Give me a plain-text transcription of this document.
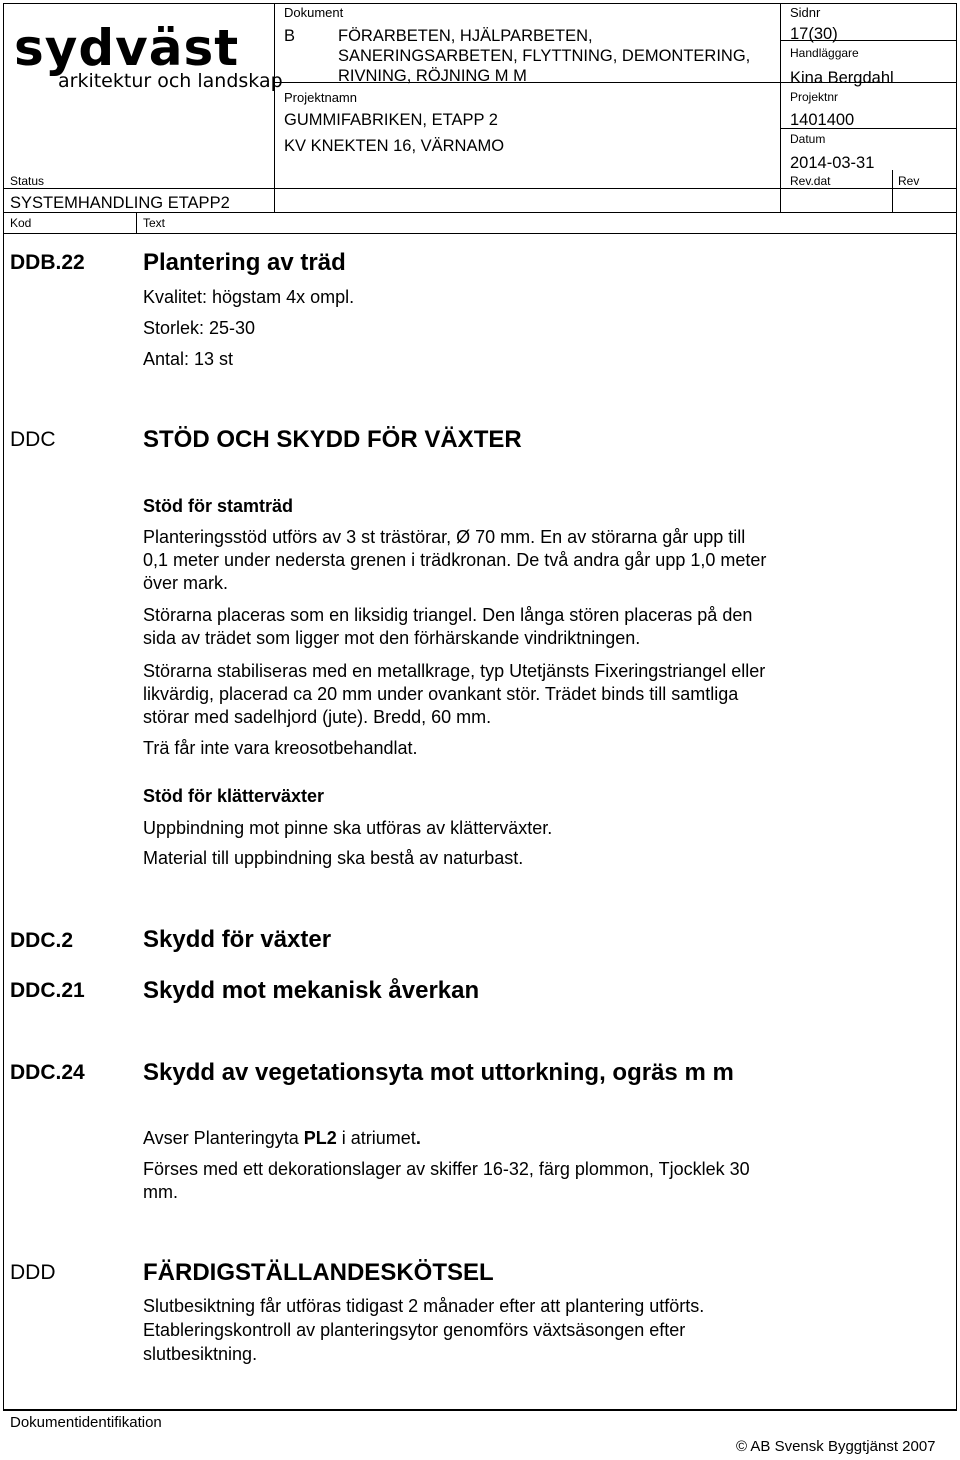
sydväst
arkitektur och landskap
Dokument
B	FÖRARBETEN, HJÄLPARBETEN,
SANERINGSARBETEN, FLYTTNING, DEMONTERING,
RIVNING, RÖJNING M M
Projektnamn
GUMMIFABRIKEN, ETAPP 2
KV KNEKTEN 16, VÄRNAMO
Sidnr
17(30)
Handläggare
Kina Bergdahl
Projektnr
1401400
Datum
2014-03-31
Rev.dat	Rev
Status
SYSTEMHANDLING ETAPP2
Kod	Text
DDB.22 Plantering av träd
Kvalitet: högstam 4x ompl.
Storlek: 25-30
Antal: 13 st
DDC	STÖD OCH SKYDD FÖR VÄXTER
Stöd för stamträd
Planteringsstöd utförs av 3 st trästörar, Ø 70 mm. En av störarna går upp till
0,1 meter under nedersta grenen i trädkronan. De två andra går upp 1,0 meter
över mark.
Störarna placeras som en liksidig triangel. Den långa stören placeras på den
sida av trädet som ligger mot den förhärskande vindriktningen.
Störarna stabiliseras med en metallkrage, typ Utetjänsts Fixeringstriangel eller
likvärdig, placerad ca 20 mm under ovankant stör. Trädet binds till samtliga
störar med sadelhjord (jute). Bredd, 60 mm.
Trä får inte vara kreosotbehandlat.
Stöd för klätterväxter
Uppbindning mot pinne ska utföras av klätterväxter.
Material till uppbindning ska bestå av naturbast.
DDC.2	Skydd för växter
DDC.21 Skydd mot mekanisk åverkan
DDC.24 Skydd av vegetationsyta mot uttorkning, ogräs m m
Avser Planteringyta PL2 i atriumet.
Förses med ett dekorationslager av skiffer 16-32, färg plommon, Tjocklek 30
mm.
DDD	FÄRDIGSTÄLLANDESKÖTSEL
Slutbesiktning får utföras tidigast 2 månader efter att plantering utförts.
Etableringskontroll av planteringsytor genomförs växtsäsongen efter
slutbesiktning.
Dokumentidentifikation
© AB Svensk Byggtjänst 2007
